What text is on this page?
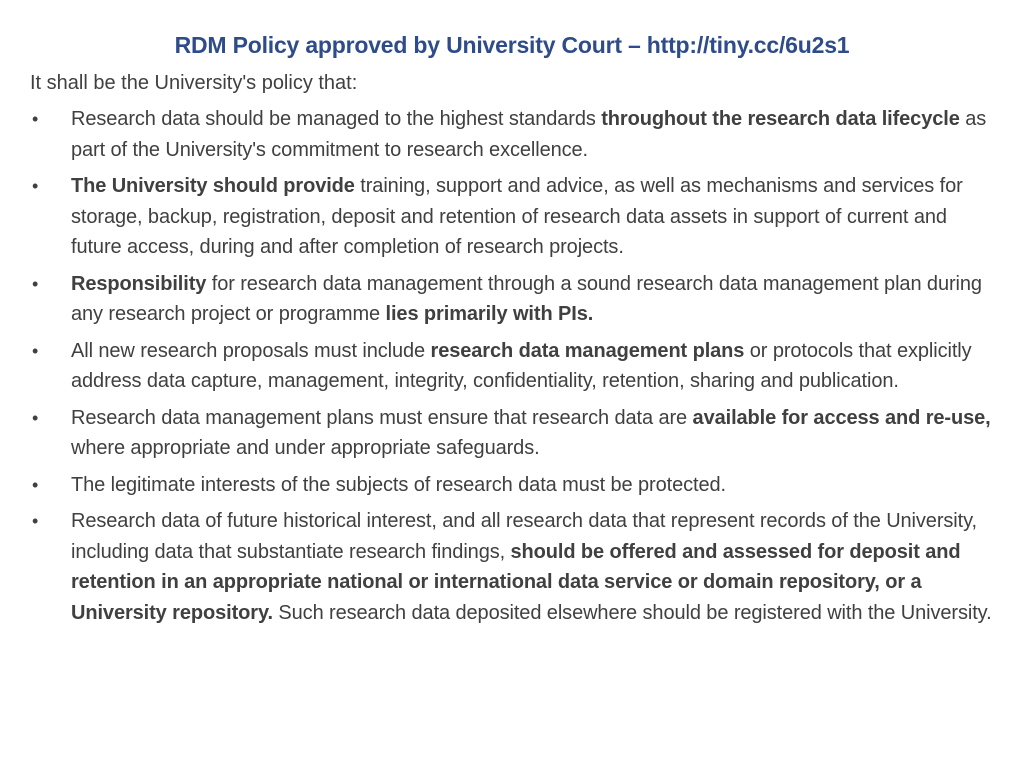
RDM Policy approved by University Court – http://tiny.cc/6u2s1
It shall be the University's policy that:
• Research data should be managed to the highest standards throughout the research data lifecycle as part of the University's commitment to research excellence.
• The University should provide training, support and advice, as well as mechanisms and services for storage, backup, registration, deposit and retention of research data assets in support of current and future access, during and after completion of research projects.
• Responsibility for research data management through a sound research data management plan during any research project or programme lies primarily with PIs.
• All new research proposals must include research data management plans or protocols that explicitly address data capture, management, integrity, confidentiality, retention, sharing and publication.
• Research data management plans must ensure that research data are available for access and re-use, where appropriate and under appropriate safeguards.
• The legitimate interests of the subjects of research data must be protected.
• Research data of future historical interest, and all research data that represent records of the University, including data that substantiate research findings, should be offered and assessed for deposit and retention in an appropriate national or international data service or domain repository, or a University repository. Such research data deposited elsewhere should be registered with the University.
